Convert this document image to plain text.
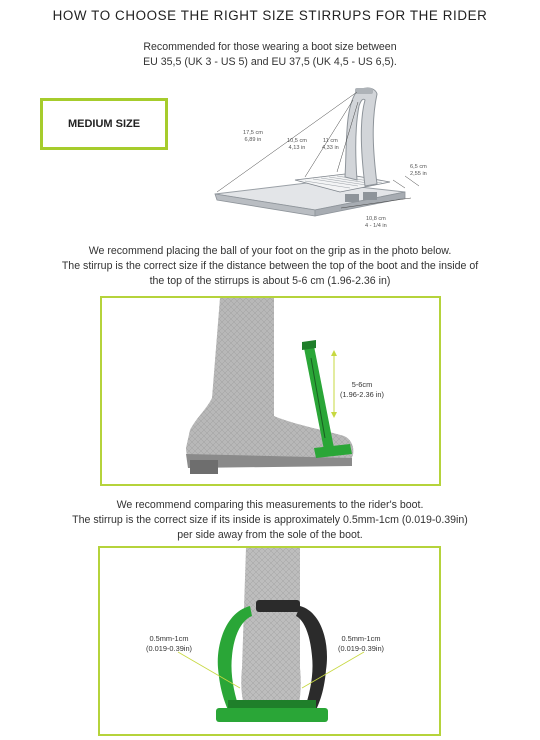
HOW TO CHOOSE THE RIGHT SIZE STIRRUPS FOR THE RIDER
Recommended for those wearing a boot size between
EU 35,5 (UK 3 - US 5) and EU 37,5 (UK 4,5 - US 6,5).
MEDIUM SIZE
17,5 cm
6,89 in	10,5 cm
4,13 in
11 cm
4,33 in
6,5 cm
2,55 in
10,8 cm
4 - 1/4 in
We recommend placing the ball of your foot on the grip as in the photo below.
The stirrup is the correct size if the distance between the top of the boot and the inside of
the top of the stirrups is about 5-6 cm (1.96-2.36 in)
5-6cm
(1.96-2.36 in)
We recommend comparing this measurements to the rider's boot.
The stirrup is the correct size if its inside is approximately 0.5mm-1cm (0.019-0.39in)
per side away from the sole of the boot.
0.5mm-1cm
(0.019-0.39in)
0.5mm-1cm
(0.019-0.39in)
